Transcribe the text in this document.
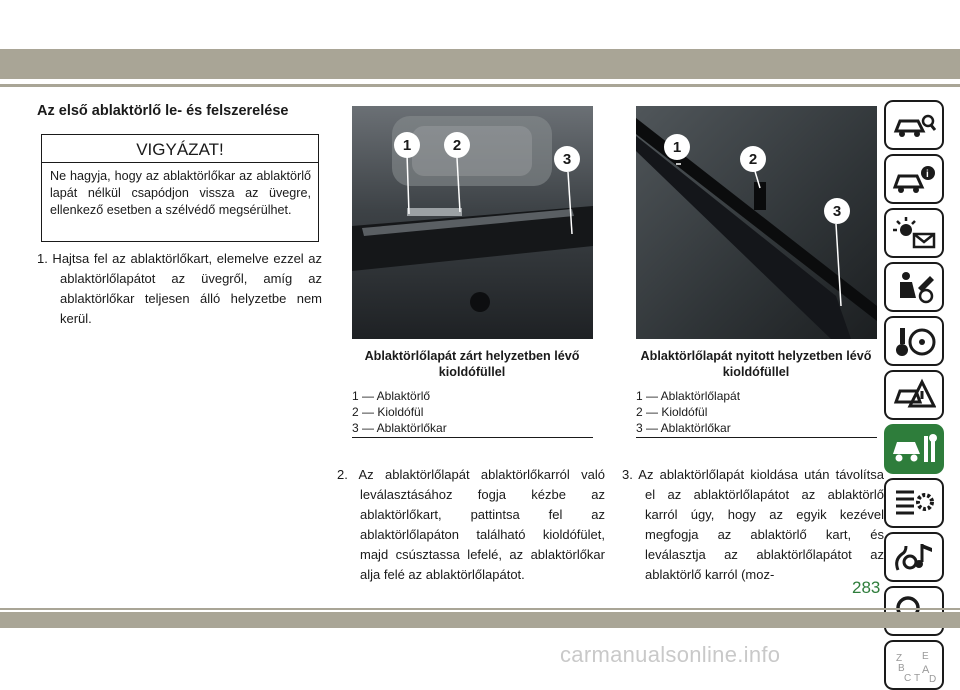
Az első ablaktörlő le- és felszerelése
VIGYÁZAT!
Ne hagyja, hogy az ablaktörlőkar az ablaktörlő lapát nélkül csapódjon vissza az üvegre, ellenkező esetben a szélvédő megsérülhet.

1. Hajtsa fel az ablaktörlőkart, elemelve ezzel az ablaktörlőlapátot az üvegről, amíg az ablaktörlőkar teljesen álló helyzetbe nem kerül.

1	2
3
Ablaktörlőlapát zárt helyzetben lévő kioldófüllel
1 — Ablaktörlő
2 — Kioldófül
3 — Ablaktörlőkar
1
2
3
Ablaktörlőlapát nyitott helyzetben lévő kioldófüllel
1 — Ablaktörlőlapát
2 — Kioldófül
3 — Ablaktörlőkar

2. Az ablaktörlőlapát ablaktörlőkarról való leválasztásához fogja kézbe az ablaktörlőkart, pattintsa fel az ablaktörlőlapáton található kioldófület, majd csúsztassa lefelé, az ablaktörlőkar alja felé az ablaktörlőlapátot.

3. Az ablaktörlőlapát kioldása után távolítsa el az ablaktörlőlapátot az ablaktörlő karról úgy, hogy az egyik kezével megfogja az ablaktörlő kart, és leválasztja az ablaktörlőlapátot az ablaktörlő karról (moz-

i
Z E
B A
C T D
283
carmanualsonline.info
